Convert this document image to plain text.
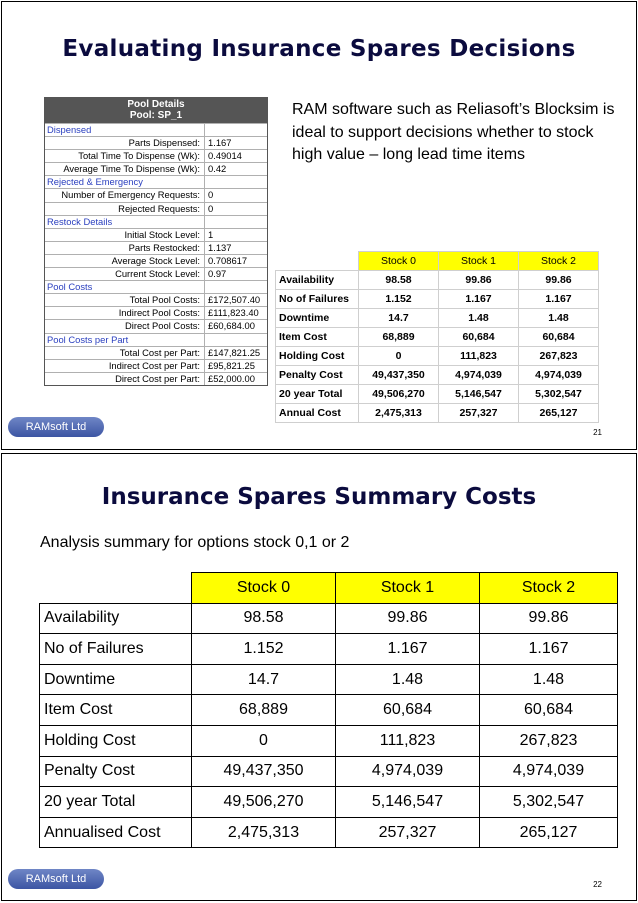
Evaluating Insurance Spares Decisions
Pool Details
Pool: SP_1
Dispensed
Parts Dispensed: 1.167
Total Time To Dispense (Wk): 0.49014
Average Time To Dispense (Wk): 0.42
Rejected & Emergency
Number of Emergency Requests: 0
Rejected Requests: 0
Restock Details
Initial Stock Level: 1
Parts Restocked: 1.137
Average Stock Level: 0.708617
Current Stock Level: 0.97
Pool Costs
Total Pool Costs: £172,507.40
Indirect Pool Costs: £111,823.40
Direct Pool Costs: £60,684.00
Pool Costs per Part
Total Cost per Part: £147,821.25
Indirect Cost per Part: £95,821.25
Direct Cost per Part: £52,000.00
RAM software such as Reliasoft’s Blocksim is ideal to support decisions whether to stock high value – long lead time items
	Stock 0	Stock 1	Stock 2
Availability	98.58	99.86	99.86
No of Failures	1.152	1.167	1.167
Downtime	14.7	1.48	1.48
Item Cost	68,889	60,684	60,684
Holding Cost	0	111,823	267,823
Penalty Cost	49,437,350	4,974,039	4,974,039
20 year Total	49,506,270	5,146,547	5,302,547
Annual Cost	2,475,313	257,327	265,127
RAMsoft Ltd	21
Insurance Spares Summary Costs
Analysis summary for options stock 0,1 or 2
	Stock 0	Stock 1	Stock 2
Availability	98.58	99.86	99.86
No of Failures	1.152	1.167	1.167
Downtime	14.7	1.48	1.48
Item Cost	68,889	60,684	60,684
Holding Cost	0	111,823	267,823
Penalty Cost	49,437,350	4,974,039	4,974,039
20 year Total	49,506,270	5,146,547	5,302,547
Annualised Cost	2,475,313	257,327	265,127
RAMsoft Ltd	22
